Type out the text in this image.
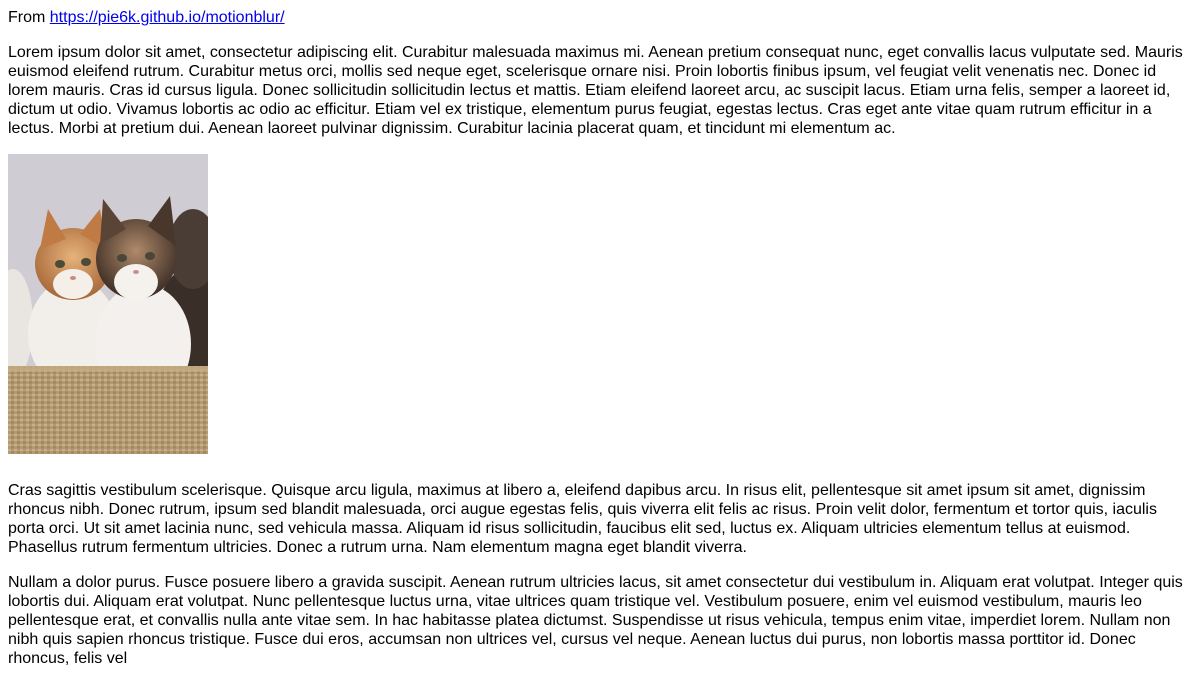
From https://pie6k.github.io/motionblur/

Lorem ipsum dolor sit amet, consectetur adipiscing elit. Curabitur malesuada maximus mi. Aenean pretium consequat nunc, eget convallis lacus vulputate sed. Mauris euismod eleifend rutrum. Curabitur metus orci, mollis sed neque eget, scelerisque ornare nisi. Proin lobortis finibus ipsum, vel feugiat velit venenatis nec. Donec id lorem mauris. Cras id cursus ligula. Donec sollicitudin sollicitudin lectus et mattis. Etiam eleifend laoreet arcu, ac suscipit lacus. Etiam urna felis, semper a laoreet id, dictum ut odio. Vivamus lobortis ac odio ac efficitur. Etiam vel ex tristique, elementum purus feugiat, egestas lectus. Cras eget ante vitae quam rutrum efficitur in a lectus. Morbi at pretium dui. Aenean laoreet pulvinar dignissim. Curabitur lacinia placerat quam, et tincidunt mi elementum ac.

Cras sagittis vestibulum scelerisque. Quisque arcu ligula, maximus at libero a, eleifend dapibus arcu. In risus elit, pellentesque sit amet ipsum sit amet, dignissim rhoncus nibh. Donec rutrum, ipsum sed blandit malesuada, orci augue egestas felis, quis viverra elit felis ac risus. Proin velit dolor, fermentum et tortor quis, iaculis porta orci. Ut sit amet lacinia nunc, sed vehicula massa. Aliquam id risus sollicitudin, faucibus elit sed, luctus ex. Aliquam ultricies elementum tellus at euismod. Phasellus rutrum fermentum ultricies. Donec a rutrum urna. Nam elementum magna eget blandit viverra.

Nullam a dolor purus. Fusce posuere libero a gravida suscipit. Aenean rutrum ultricies lacus, sit amet consectetur dui vestibulum in. Aliquam erat volutpat. Integer quis lobortis dui. Aliquam erat volutpat. Nunc pellentesque luctus urna, vitae ultrices quam tristique vel. Vestibulum posuere, enim vel euismod vestibulum, mauris leo pellentesque erat, et convallis nulla ante vitae sem. In hac habitasse platea dictumst. Suspendisse ut risus vehicula, tempus enim vitae, imperdiet lorem. Nullam non nibh quis sapien rhoncus tristique. Fusce dui eros, accumsan non ultrices vel, cursus vel neque. Aenean luctus dui purus, non lobortis massa porttitor id. Donec rhoncus, felis vel
